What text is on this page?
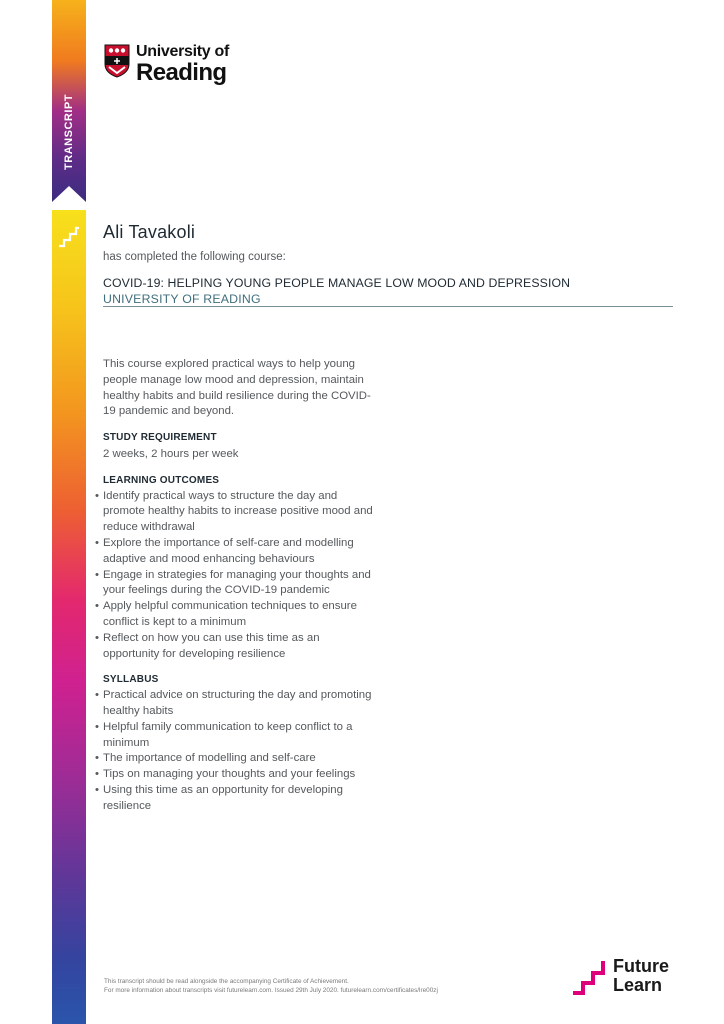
TRANSCRIPT
University of
Reading
Ali Tavakoli
has completed the following course:
COVID-19: HELPING YOUNG PEOPLE MANAGE LOW MOOD AND DEPRESSION
UNIVERSITY OF READING

This course explored practical ways to help young people manage low mood and depression, maintain healthy habits and build resilience during the COVID-19 pandemic and beyond.

STUDY REQUIREMENT

2 weeks, 2 hours per week

LEARNING OUTCOMES
• Identify practical ways to structure the day and promote healthy habits to increase positive mood and reduce withdrawal
• Explore the importance of self-care and modelling adaptive and mood enhancing behaviours
• Engage in strategies for managing your thoughts and your feelings during the COVID-19 pandemic
• Apply helpful communication techniques to ensure conflict is kept to a minimum
• Reflect on how you can use this time as an opportunity for developing resilience
SYLLABUS
• Practical advice on structuring the day and promoting healthy habits
• Helpful family communication to keep conflict to a minimum
• The importance of modelling and self-care
• Tips on managing your thoughts and your feelings
• Using this time as an opportunity for developing resilience
This transcript should be read alongside the accompanying Certificate of Achievement.
For more information about transcripts visit futurelearn.com. Issued 29th July 2020. futurelearn.com/certificates/lre00zj
Future
Learn
